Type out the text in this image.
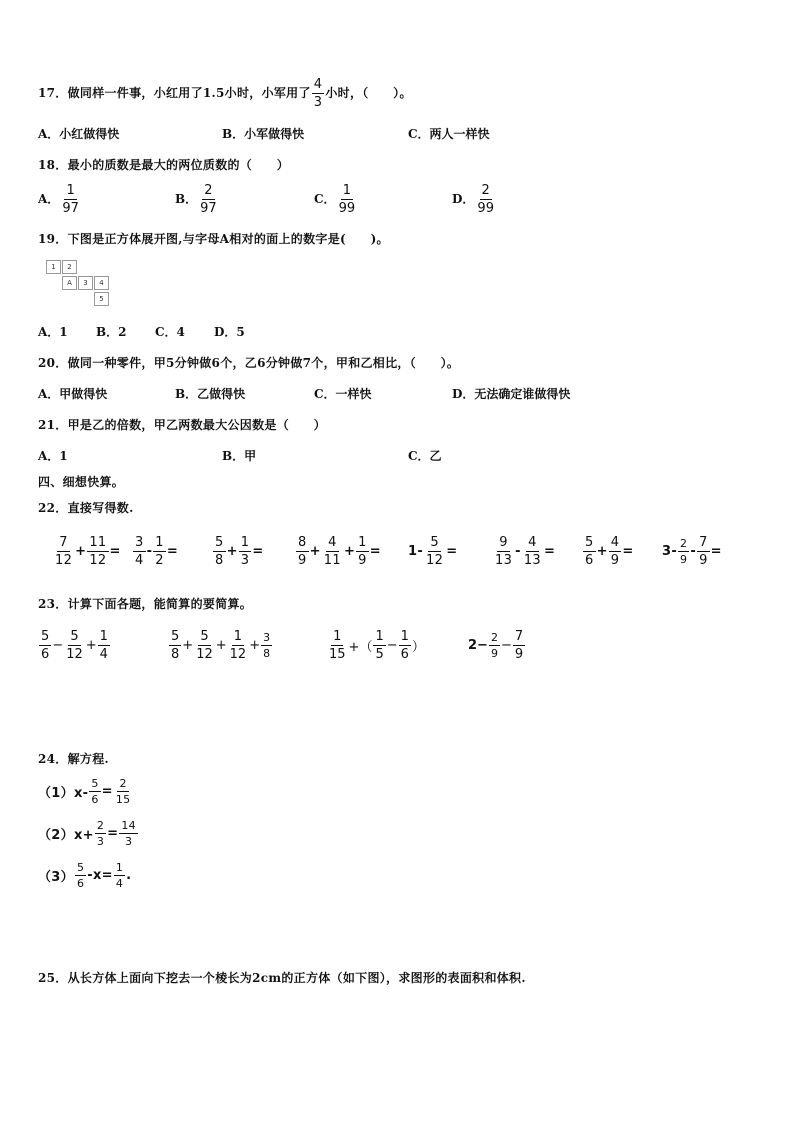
17．做同样一件事，小红用了1.5小时，小军用了 $\frac{4}{3}$ 小时，（　　）。
A．小红做得快	B．小军做得快	C．两人一样快
18．最小的质数是最大的两位质数的（　　）
A． $\frac{1}{97}$	B． $\frac{2}{97}$	C． $\frac{1}{99}$	D． $\frac{2}{99}$
19．下图是正方体展开图,与字母A相对的面上的数字是(　　)。
1	2
A	3	4
5
A．1 B．2 C．4 D．5
20．做同一种零件，甲5分钟做6个，乙6分钟做7个，甲和乙相比，（　　）。
A．甲做得快	B．乙做得快	C．一样快	D．无法确定谁做得快
21．甲是乙的倍数，甲乙两数最大公因数是（　　）
A．1	B．甲	C．乙
四、细想快算。
22．直接写得数.
$\frac{7}{12} + \frac{11}{12} = \frac{3}{4} - \frac{1}{2}$ =	$\frac{5}{8} + \frac{1}{3} = \frac{8}{9} + \frac{4}{11} + \frac{1}{9} = 1- \frac{5}{12}$ =	$\frac{9}{13} - \frac{4}{13} = \frac{5}{6} + \frac{4}{9} = 3- \frac{2}{9} - \frac{7}{9}$ =
23．计算下面各题，能简算的要简算。
$\frac{5}{6} - \frac{5}{12} + \frac{1}{4}$	$\frac{5}{8} + \frac{5}{12} + \frac{1}{12} + \frac{3}{8}$	$\frac{1}{15}$ +（ $\frac{1}{5} - \frac{1}{6}$ ）	$2- \frac{2}{9} - \frac{7}{9}$
24．解方程.
$(1)x- \frac{5}{6} = \frac{2}{15}$
$(2)x+ \frac{2}{3} = \frac{14}{3}$
$(3) \frac{5}{6} -x= \frac{1}{4}$ .
25．从长方体上面向下挖去一个棱长为2cm的正方体（如下图），求图形的表面积和体积.
